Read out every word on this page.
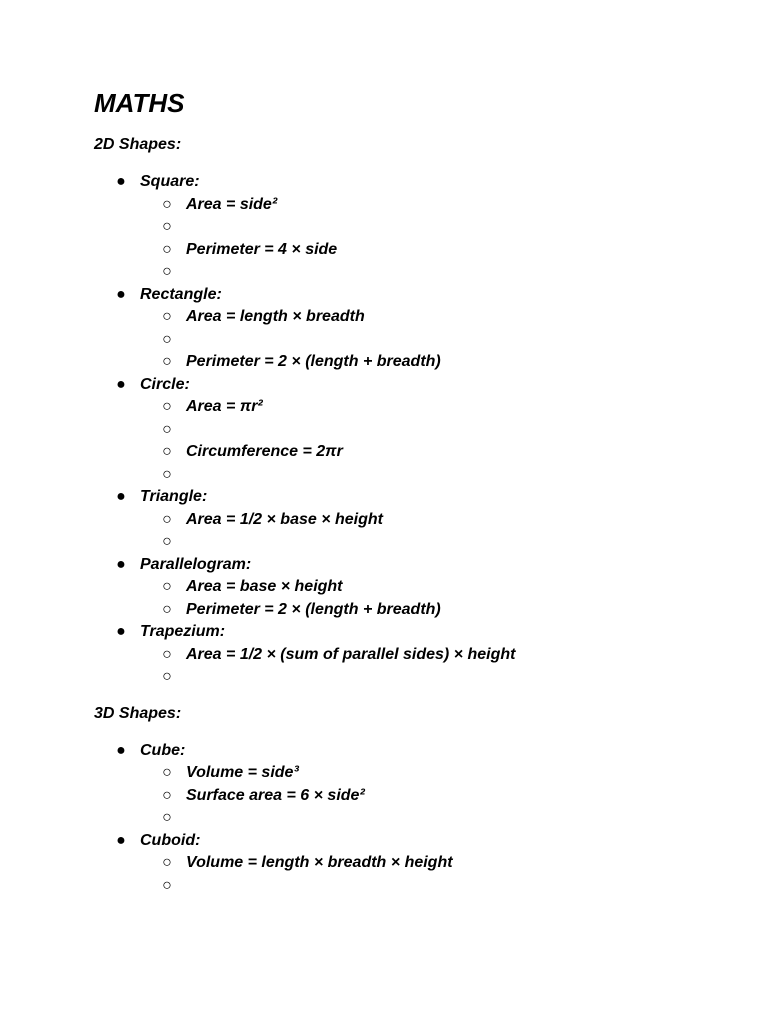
MATHS
2D Shapes:
● Square:
○ Area = side²
○
○ Perimeter = 4 × side
○
● Rectangle:
○ Area = length × breadth
○
○ Perimeter = 2 × (length + breadth)
● Circle:
○ Area = πr²
○
○ Circumference = 2πr
○
● Triangle:
○ Area = 1/2 × base × height
○
● Parallelogram:
○ Area = base × height
○ Perimeter = 2 × (length + breadth)
● Trapezium:
○ Area = 1/2 × (sum of parallel sides) × height
○
3D Shapes:
● Cube:
○ Volume = side³
○ Surface area = 6 × side²
○
● Cuboid:
○ Volume = length × breadth × height
○
